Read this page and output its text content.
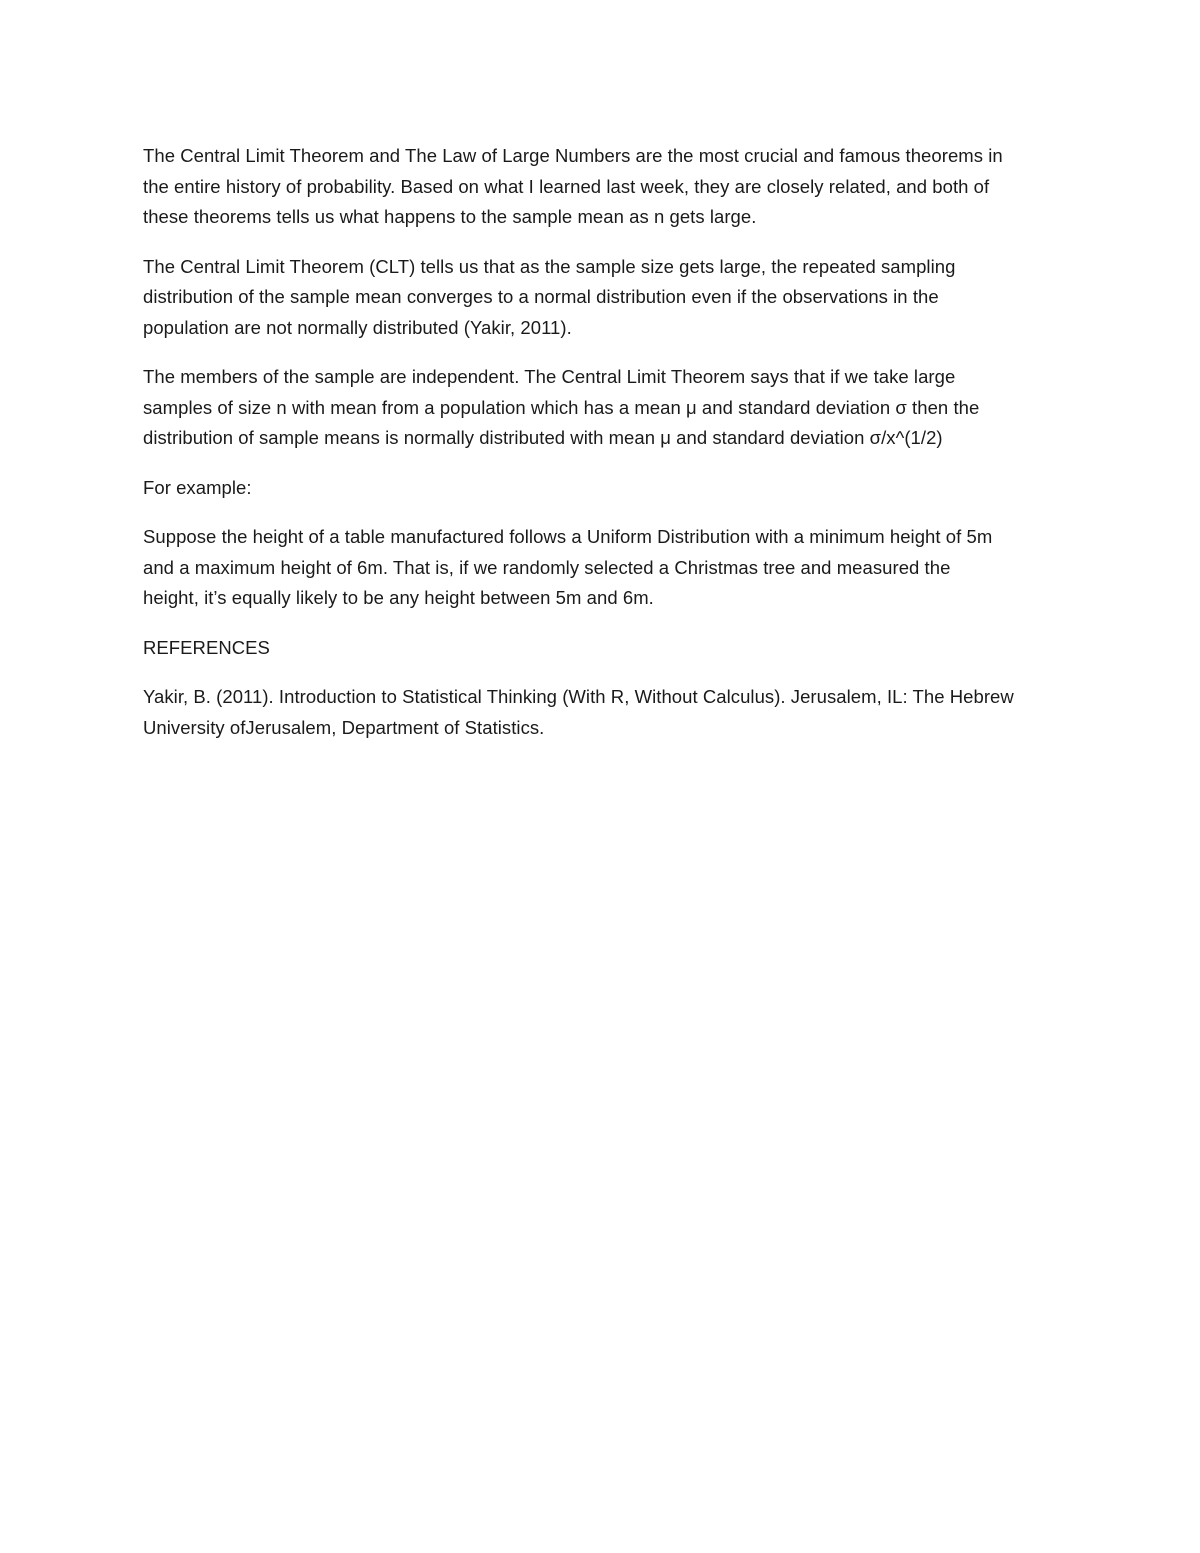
The Central Limit Theorem and The Law of Large Numbers are the most crucial and famous theorems in
the entire history of probability. Based on what I learned last week, they are closely related, and both of
these theorems tells us what happens to the sample mean as n gets large.

The Central Limit Theorem (CLT) tells us that as the sample size gets large, the repeated sampling
distribution of the sample mean converges to a normal distribution even if the observations in the
population are not normally distributed (Yakir, 2011).

The members of the sample are independent. The Central Limit Theorem says that if we take large
samples of size n with mean from a population which has a mean μ and standard deviation σ then the
distribution of sample means is normally distributed with mean μ and standard deviation σ/x^(1/2)

For example:

Suppose the height of a table manufactured follows a Uniform Distribution with a minimum height of 5m
and a maximum height of 6m. That is, if we randomly selected a Christmas tree and measured the
height, it’s equally likely to be any height between 5m and 6m.

REFERENCES

Yakir, B. (2011). Introduction to Statistical Thinking (With R, Without Calculus). Jerusalem, IL: The Hebrew
University ofJerusalem, Department of Statistics.
